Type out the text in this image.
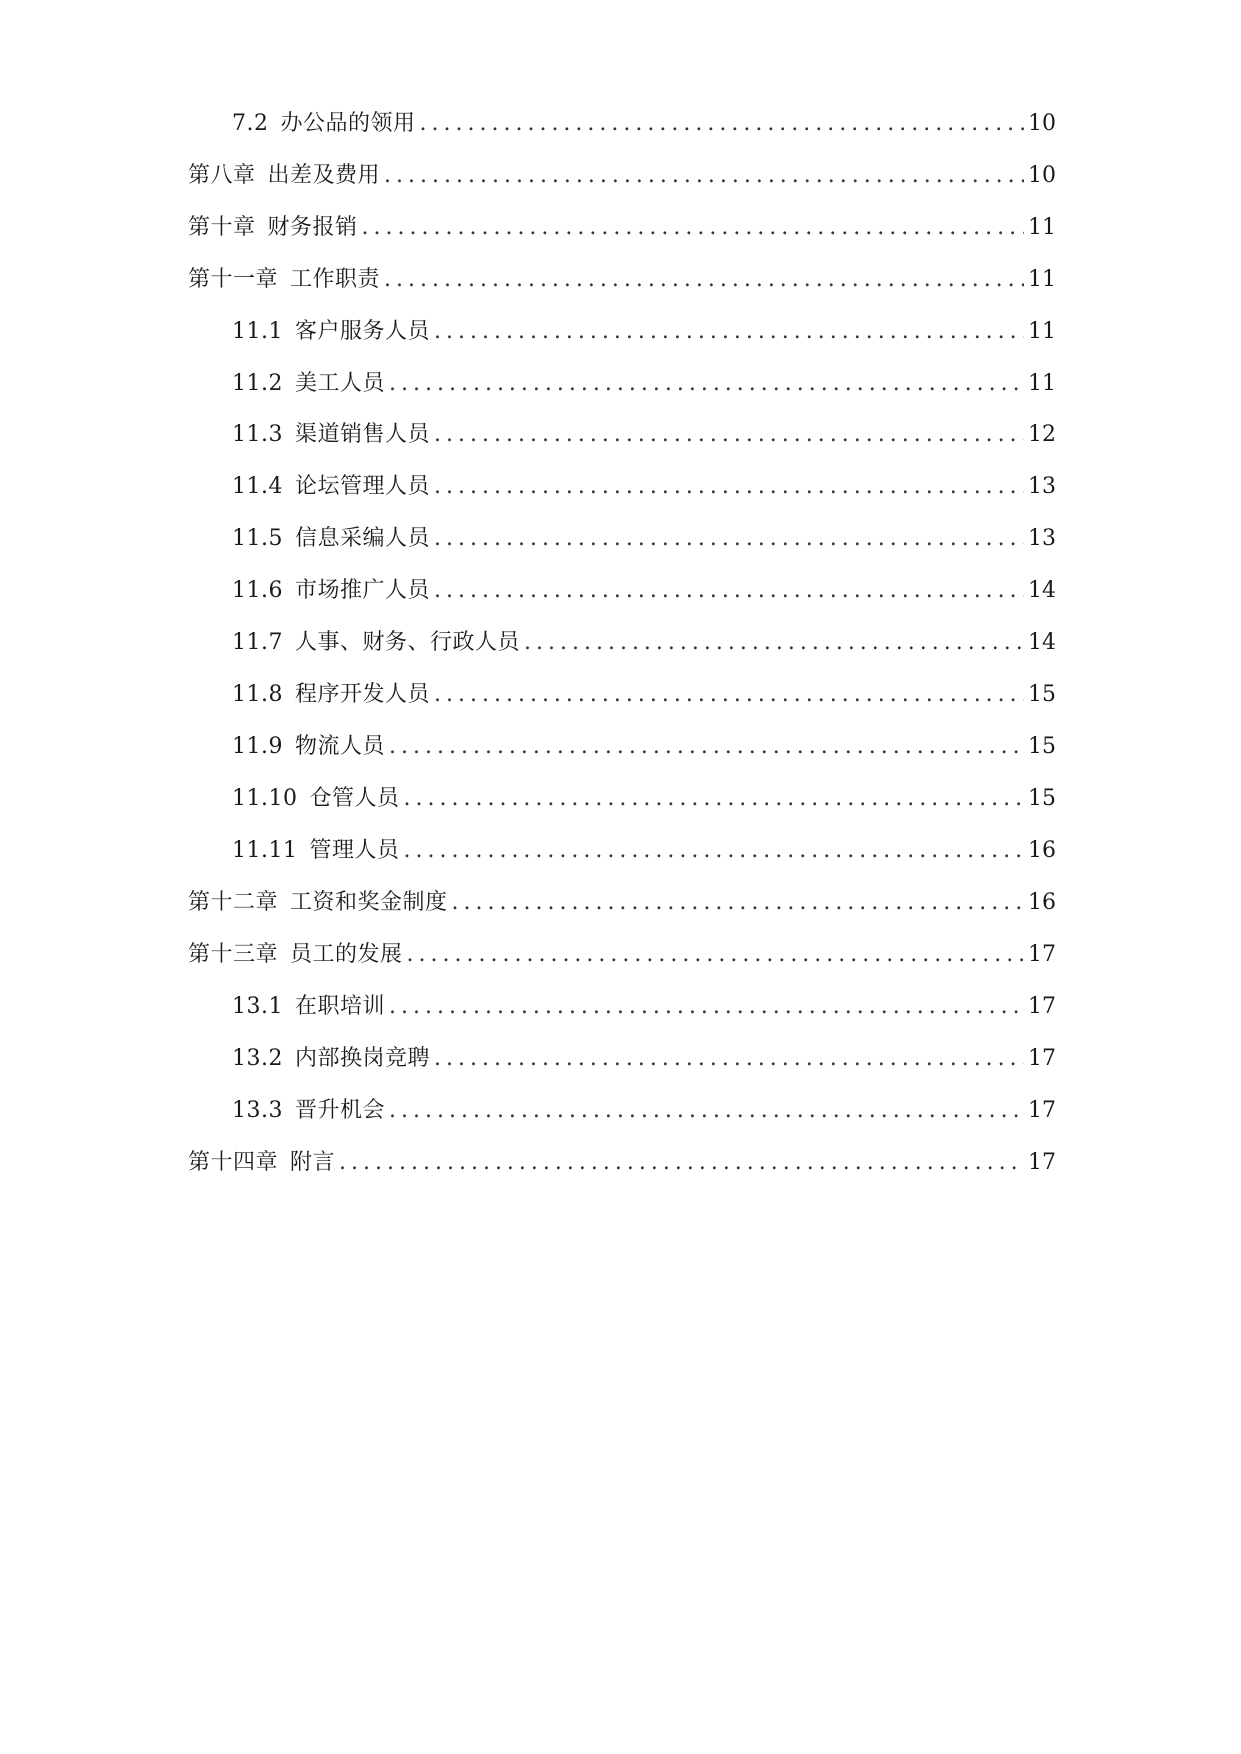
7.2 办公品的领用 .....	10
第八章 出差及费用 .....	10
第十章 财务报销 .....	11
第十一章 工作职责 .....	11
11.1 客户服务人员 .....	11
11.2 美工人员 .....	11
11.3 渠道销售人员 .....	12
11.4 论坛管理人员 .....	13
11.5 信息采编人员 .....	13
11.6 市场推广人员 .....	14
11.7 人事、财务、行政人员 .....	14
11.8 程序开发人员 .....	15
11.9 物流人员 .....	15
11.10 仓管人员 .....	15
11.11 管理人员 .....	16
第十二章 工资和奖金制度 .....	16
第十三章 员工的发展 .....	17
13.1 在职培训 .....	17
13.2 内部换岗竞聘 .....	17
13.3 晋升机会 .....	17
第十四章 附言 .....	17
